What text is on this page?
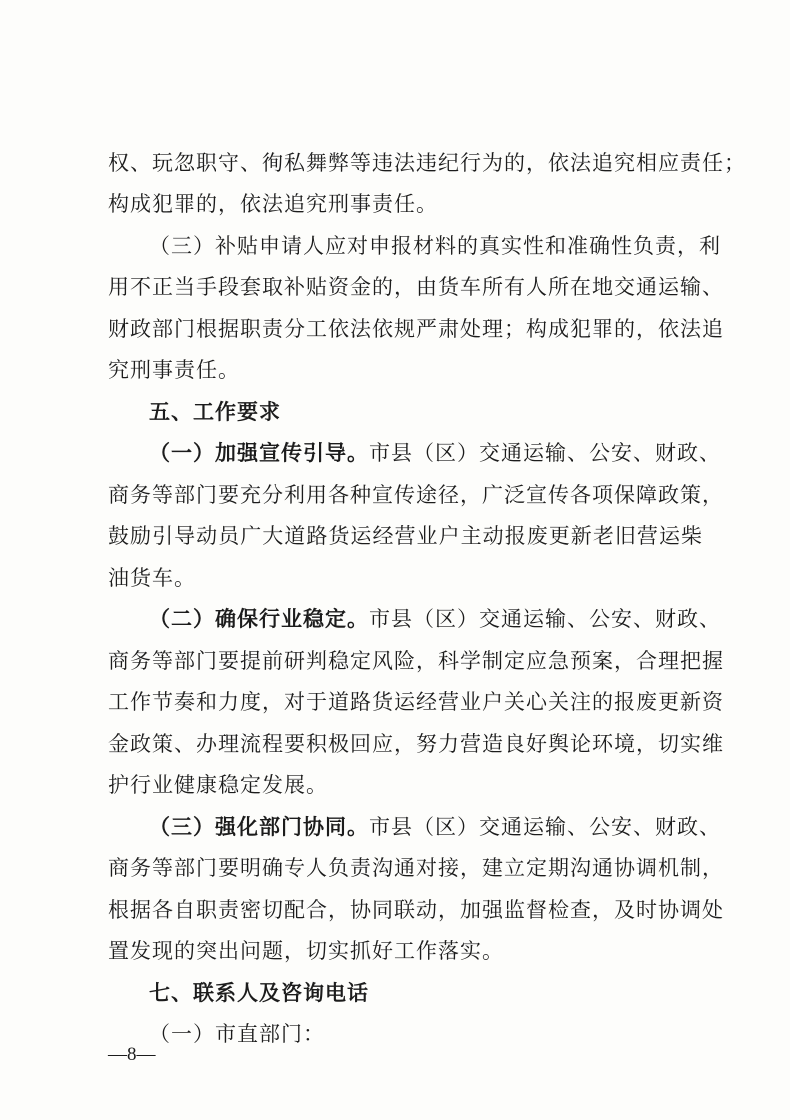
权、玩忽职守、徇私舞弊等违法违纪行为的，依法追究相应责任；
构成犯罪的，依法追究刑事责任。
（三）补贴申请人应对申报材料的真实性和准确性负责，利
用不正当手段套取补贴资金的，由货车所有人所在地交通运输、
财政部门根据职责分工依法依规严肃处理；构成犯罪的，依法追
究刑事责任。
五、工作要求
（一）加强宣传引导。市县（区）交通运输、公安、财政、
商务等部门要充分利用各种宣传途径，广泛宣传各项保障政策，
鼓励引导动员广大道路货运经营业户主动报废更新老旧营运柴
油货车。
（二）确保行业稳定。市县（区）交通运输、公安、财政、
商务等部门要提前研判稳定风险，科学制定应急预案，合理把握
工作节奏和力度，对于道路货运经营业户关心关注的报废更新资
金政策、办理流程要积极回应，努力营造良好舆论环境，切实维
护行业健康稳定发展。
（三）强化部门协同。市县（区）交通运输、公安、财政、
商务等部门要明确专人负责沟通对接，建立定期沟通协调机制，
根据各自职责密切配合，协同联动，加强监督检查，及时协调处
置发现的突出问题，切实抓好工作落实。
七、联系人及咨询电话
（一）市直部门：
—8—
